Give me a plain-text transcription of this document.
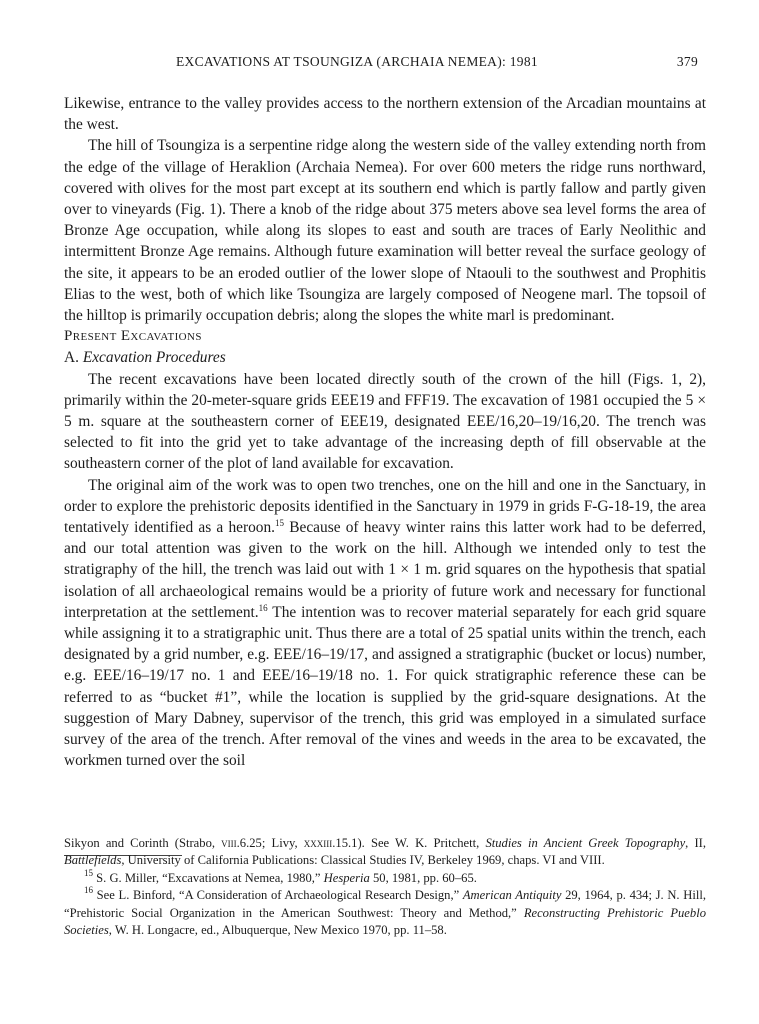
EXCAVATIONS AT TSOUNGIZA (ARCHAIA NEMEA): 1981	379

Likewise, entrance to the valley provides access to the northern extension of the Arcadian mountains at the west.

The hill of Tsoungiza is a serpentine ridge along the western side of the valley extending north from the edge of the village of Heraklion (Archaia Nemea). For over 600 meters the ridge runs northward, covered with olives for the most part except at its southern end which is partly fallow and partly given over to vineyards (Fig. 1). There a knob of the ridge about 375 meters above sea level forms the area of Bronze Age occupation, while along its slopes to east and south are traces of Early Neolithic and intermittent Bronze Age remains. Although future examination will better reveal the surface geology of the site, it appears to be an eroded outlier of the lower slope of Ntaouli to the southwest and Prophitis Elias to the west, both of which like Tsoungiza are largely composed of Neogene marl. The topsoil of the hilltop is primarily occupation debris; along the slopes the white marl is predominant.

Present Excavations

A. Excavation Procedures

The recent excavations have been located directly south of the crown of the hill (Figs. 1, 2), primarily within the 20-meter-square grids EEE19 and FFF19. The excavation of 1981 occupied the 5 × 5 m. square at the southeastern corner of EEE19, designated EEE/16,20–19/16,20. The trench was selected to fit into the grid yet to take advantage of the increasing depth of fill observable at the southeastern corner of the plot of land available for excavation.

The original aim of the work was to open two trenches, one on the hill and one in the Sanctuary, in order to explore the prehistoric deposits identified in the Sanctuary in 1979 in grids F-G-18-19, the area tentatively identified as a heroon.$^{15}$ Because of heavy winter rains this latter work had to be deferred, and our total attention was given to the work on the hill. Although we intended only to test the stratigraphy of the hill, the trench was laid out with 1 × 1 m. grid squares on the hypothesis that spatial isolation of all archaeological remains would be a priority of future work and necessary for functional interpretation at the settlement.$^{16}$ The intention was to recover material separately for each grid square while assigning it to a stratigraphic unit. Thus there are a total of 25 spatial units within the trench, each designated by a grid number, e.g. EEE/16–19/17, and assigned a stratigraphic (bucket or locus) number, e.g. EEE/16–19/17 no. 1 and EEE/16–19/18 no. 1. For quick stratigraphic reference these can be referred to as “bucket #1”, while the location is supplied by the grid-square designations. At the suggestion of Mary Dabney, supervisor of the trench, this grid was employed in a simulated surface survey of the area of the trench. After removal of the vines and weeds in the area to be excavated, the workmen turned over the soil

Sikyon and Corinth (Strabo, viii.6.25; Livy, xxxiii.15.1). See W. K. Pritchett, Studies in Ancient Greek Topography, II, Battlefields, University of California Publications: Classical Studies IV, Berkeley 1969, chaps. VI and VIII.

$^{15}$ S. G. Miller, “Excavations at Nemea, 1980,” Hesperia 50, 1981, pp. 60–65.

$^{16}$ See L. Binford, “A Consideration of Archaeological Research Design,” American Antiquity 29, 1964, p. 434; J. N. Hill, “Prehistoric Social Organization in the American Southwest: Theory and Method,” Reconstructing Prehistoric Pueblo Societies, W. H. Longacre, ed., Albuquerque, New Mexico 1970, pp. 11–58.
